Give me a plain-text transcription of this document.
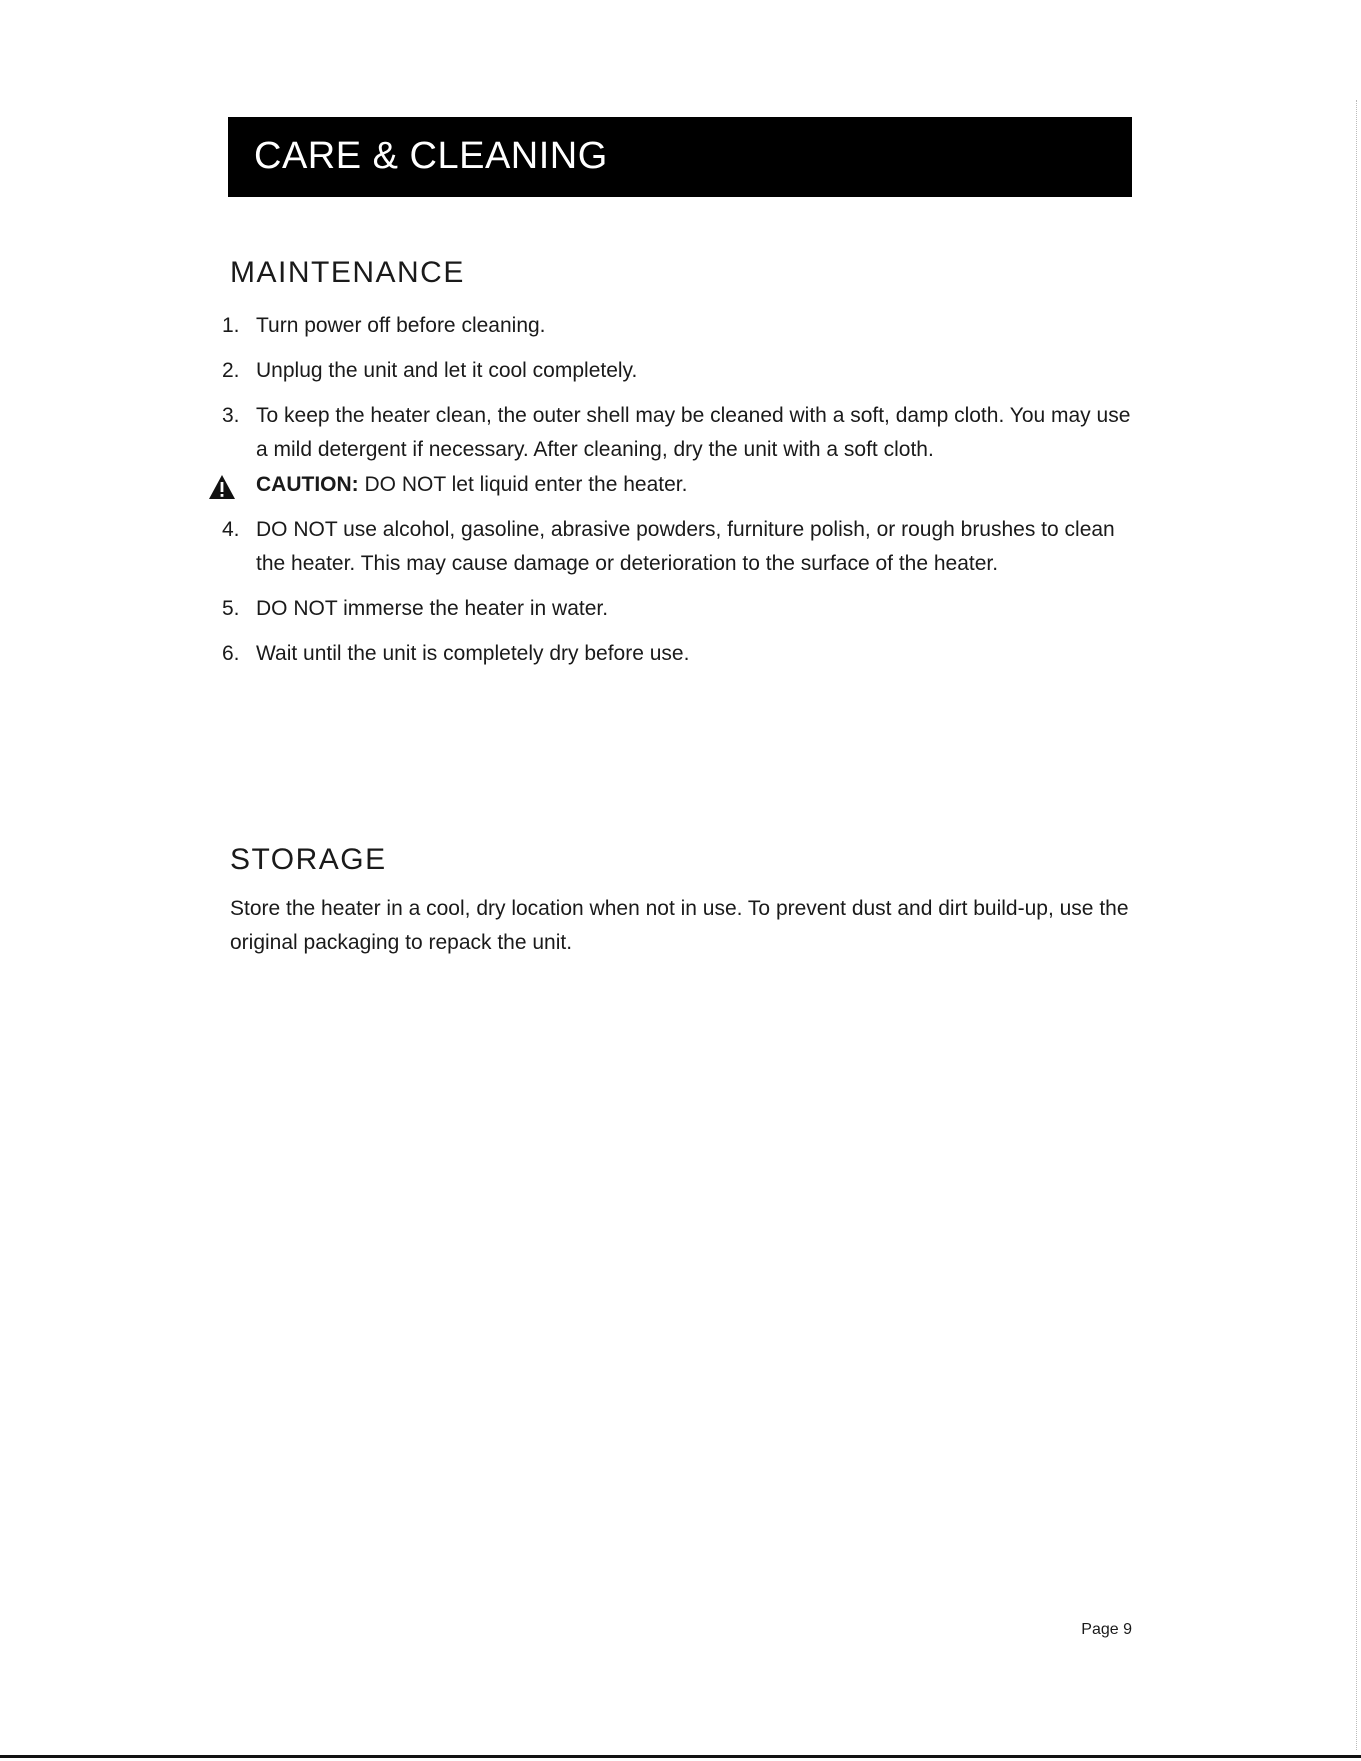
CARE & CLEANING
MAINTENANCE
1. Turn power off before cleaning.
2. Unplug the unit and let it cool completely.
3. To keep the heater clean, the outer shell may be cleaned with a soft, damp cloth. You may use a mild detergent if necessary. After cleaning, dry the unit with a soft cloth.
CAUTION: DO NOT let liquid enter the heater.
4. DO NOT use alcohol, gasoline, abrasive powders, furniture polish, or rough brushes to clean the heater. This may cause damage or deterioration to the surface of the heater.
5. DO NOT immerse the heater in water.
6. Wait until the unit is completely dry before use.
STORAGE

Store the heater in a cool, dry location when not in use. To prevent dust and dirt build-up, use the original packaging to repack the unit.

Page 9
